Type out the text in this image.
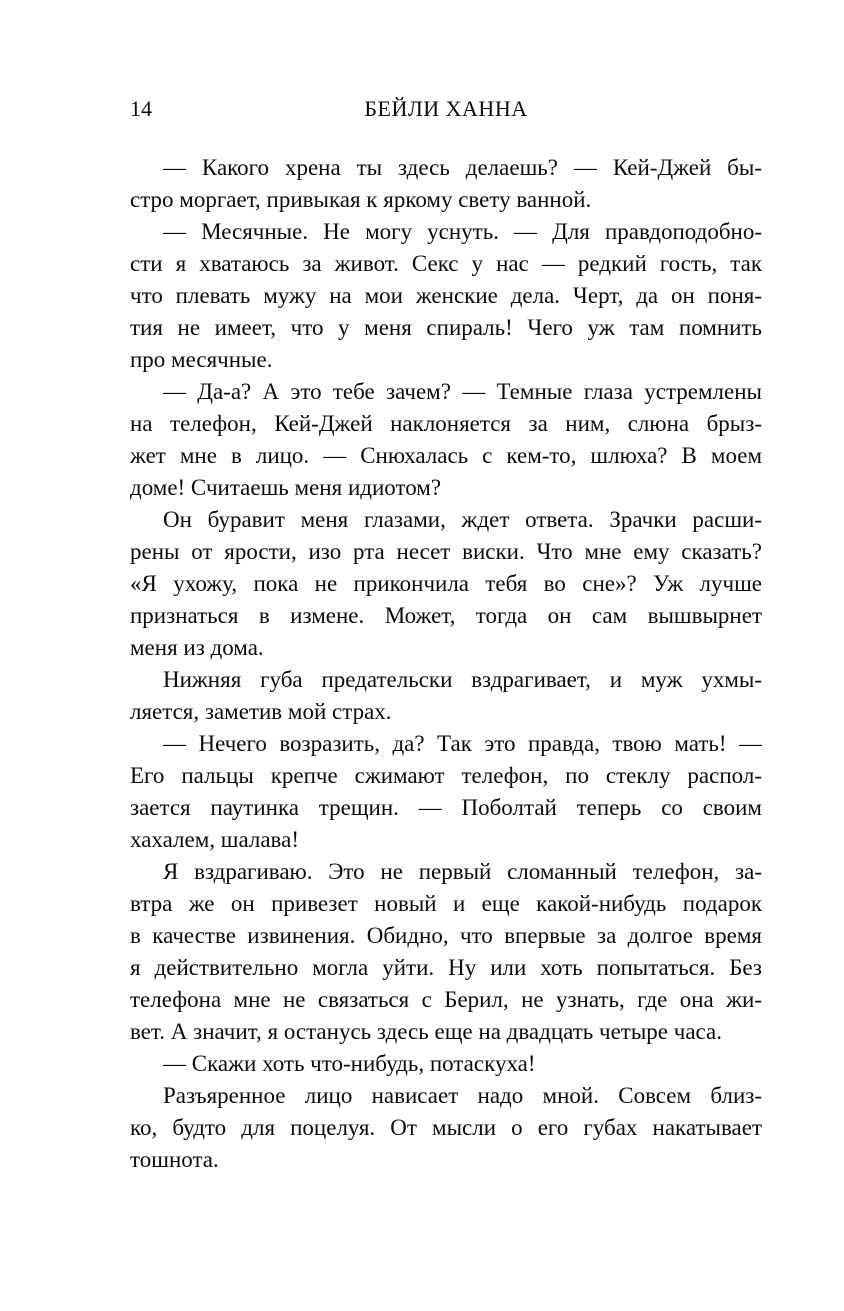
14	БЕЙЛИ ХАННА
— Какого хрена ты здесь делаешь? — Кей-Джей бы-
стро моргает, привыкая к яркому свету ванной.
— Месячные. Не могу уснуть. — Для правдоподобно-
сти я хватаюсь за живот. Секс у нас — редкий гость, так
что плевать мужу на мои женские дела. Черт, да он поня-
тия не имеет, что у меня спираль! Чего уж там помнить
про месячные.
— Да-а? А это тебе зачем? — Темные глаза устремлены
на телефон, Кей-Джей наклоняется за ним, слюна брыз-
жет мне в лицо. — Снюхалась с кем-то, шлюха? В моем
доме! Считаешь меня идиотом?
Он буравит меня глазами, ждет ответа. Зрачки расши-
рены от ярости, изо рта несет виски. Что мне ему сказать?
«Я ухожу, пока не прикончила тебя во сне»? Уж лучше
признаться в измене. Может, тогда он сам вышвырнет
меня из дома.
Нижняя губа предательски вздрагивает, и муж ухмы-
ляется, заметив мой страх.
— Нечего возразить, да? Так это правда, твою мать! —
Его пальцы крепче сжимают телефон, по стеклу распол-
зается паутинка трещин. — Поболтай теперь со своим
хахалем, шалава!
Я вздрагиваю. Это не первый сломанный телефон, за-
втра же он привезет новый и еще какой-нибудь подарок
в качестве извинения. Обидно, что впервые за долгое время
я действительно могла уйти. Ну или хоть попытаться. Без
телефона мне не связаться с Берил, не узнать, где она жи-
вет. А значит, я останусь здесь еще на двадцать четыре часа.
— Скажи хоть что-нибудь, потаскуха!
Разъяренное лицо нависает надо мной. Совсем близ-
ко, будто для поцелуя. От мысли о его губах накатывает
тошнота.
